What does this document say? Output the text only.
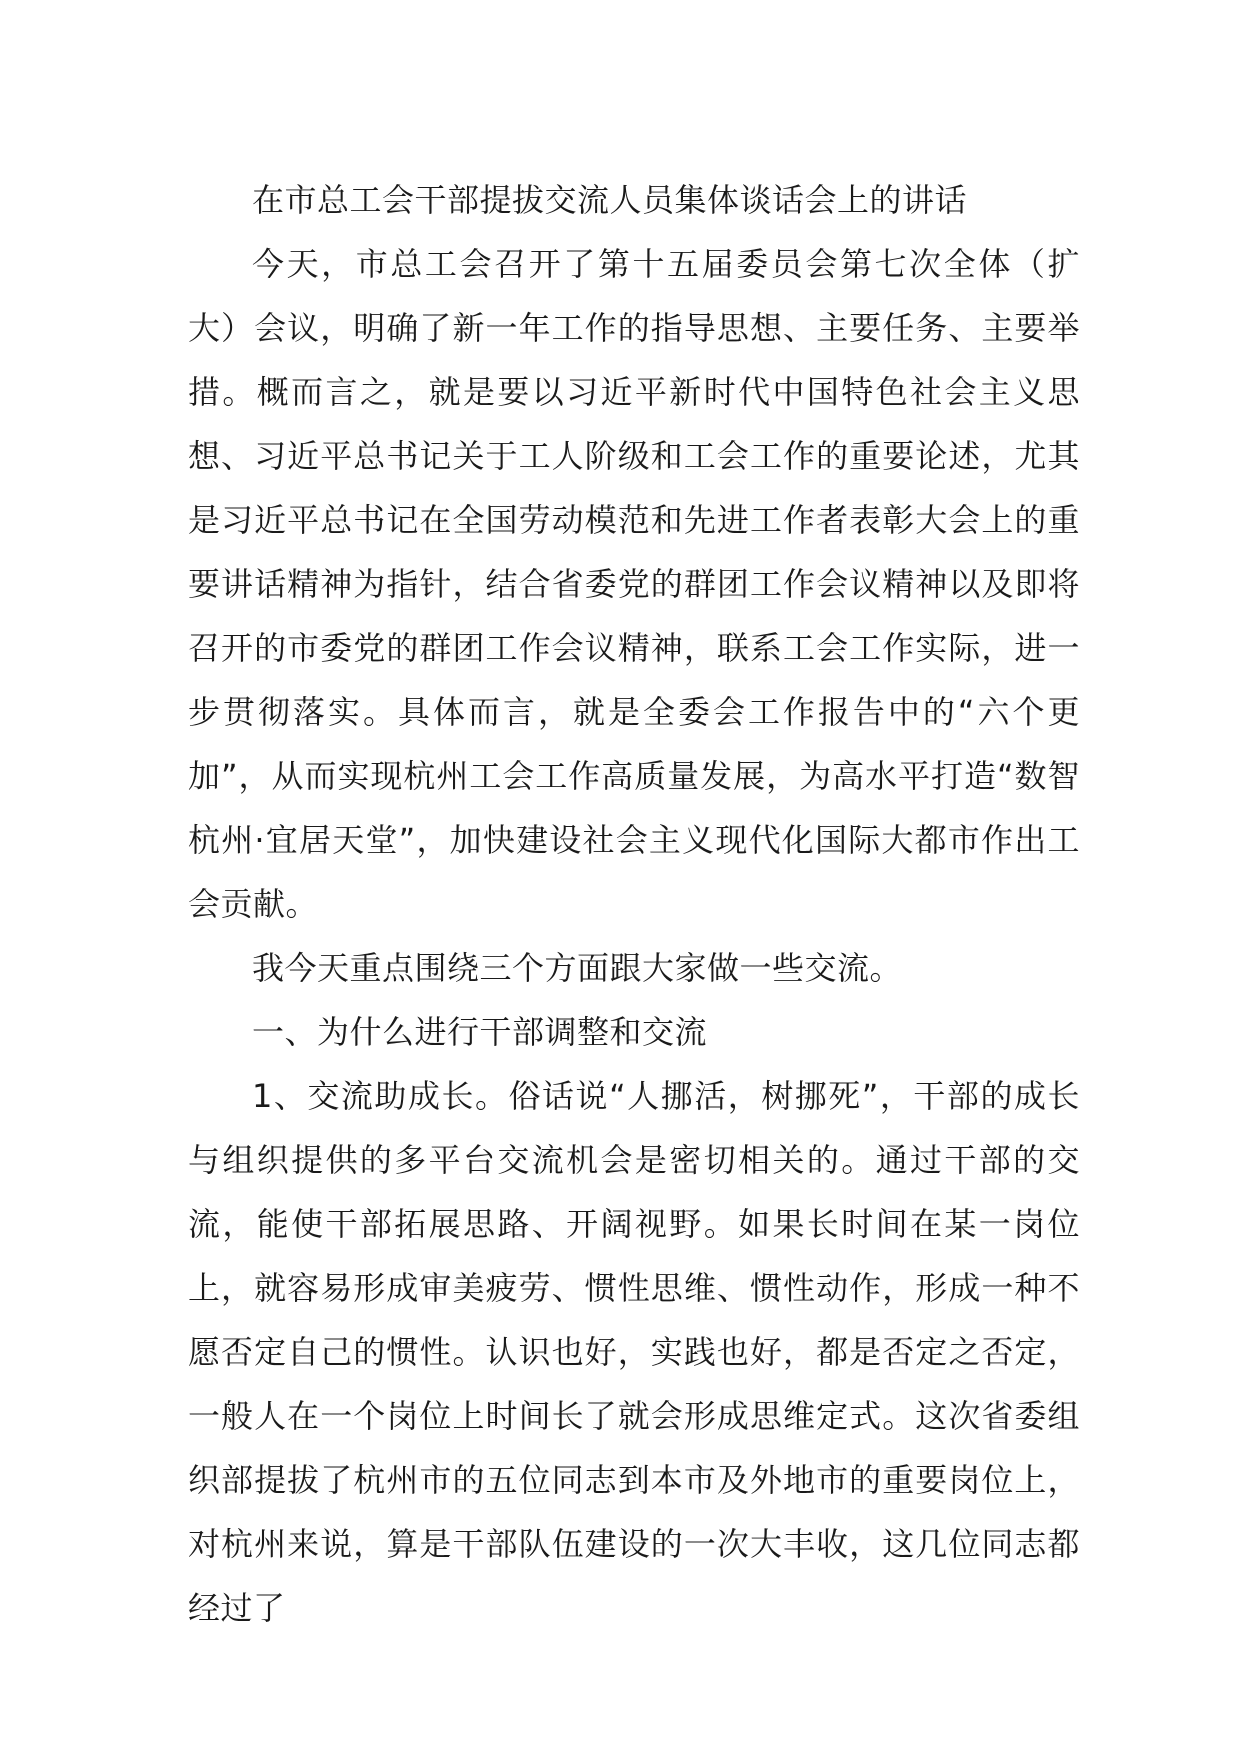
在市总工会干部提拔交流人员集体谈话会上的讲话

今天，市总工会召开了第十五届委员会第七次全体（扩大）会议，明确了新一年工作的指导思想、主要任务、主要举措。概而言之，就是要以习近平新时代中国特色社会主义思想、习近平总书记关于工人阶级和工会工作的重要论述，尤其是习近平总书记在全国劳动模范和先进工作者表彰大会上的重要讲话精神为指针，结合省委党的群团工作会议精神以及即将召开的市委党的群团工作会议精神，联系工会工作实际，进一步贯彻落实。具体而言，就是全委会工作报告中的“六个更加”，从而实现杭州工会工作高质量发展，为高水平打造“数智杭州·宜居天堂”，加快建设社会主义现代化国际大都市作出工会贡献。

我今天重点围绕三个方面跟大家做一些交流。

一、为什么进行干部调整和交流

1、交流助成长。俗话说“人挪活，树挪死”，干部的成长与组织提供的多平台交流机会是密切相关的。通过干部的交流，能使干部拓展思路、开阔视野。如果长时间在某一岗位上，就容易形成审美疲劳、惯性思维、惯性动作，形成一种不愿否定自己的惯性。认识也好，实践也好，都是否定之否定，一般人在一个岗位上时间长了就会形成思维定式。这次省委组织部提拔了杭州市的五位同志到本市及外地市的重要岗位上，对杭州来说，算是干部队伍建设的一次大丰收，这几位同志都经过了
